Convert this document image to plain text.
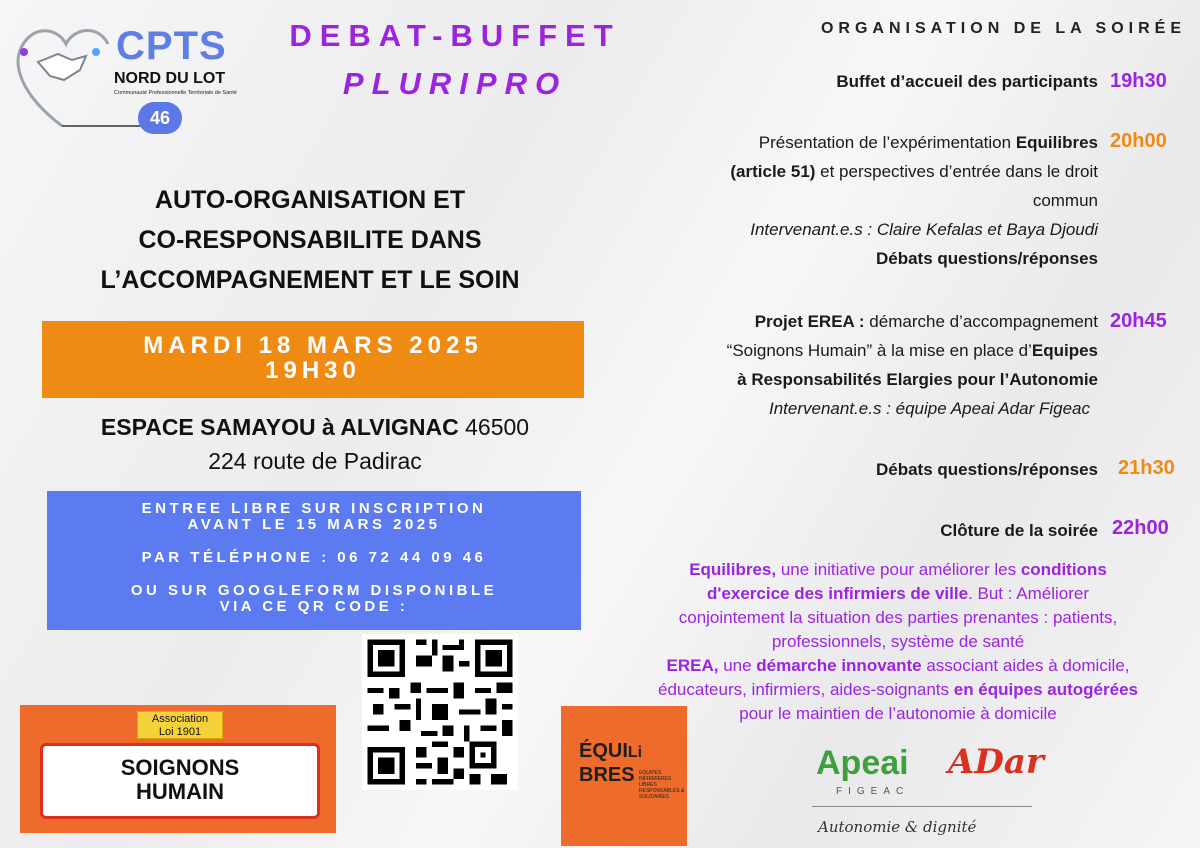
CPTS
NORD DU LOT
Communauté Professionnelle Territoriale de Santé
46
DEBAT-BUFFET
PLURIPRO
AUTO-ORGANISATION ET
CO-RESPONSABILITE DANS
L’ACCOMPAGNEMENT ET LE SOIN
MARDI 18 MARS 2025
19H30
ESPACE SAMAYOU à ALVIGNAC 46500
224 route de Padirac
ENTREE LIBRE SUR INSCRIPTION
AVANT LE 15 MARS 2025
PAR TÉLÉPHONE : 06 72 44 09 46
OU SUR GOOGLEFORM DISPONIBLE
VIA CE QR CODE :
Association
Loi 1901
SOIGNONS
HUMAIN
ÉQUILi
BRES EQUIPES INFIRMIERES LIBRES RESPONSABLES & SOLIDAIRES
Apeai
FIGEAC
ADar
Autonomie & dignité
ORGANISATION DE LA SOIRÉE
Buffet d’accueil des participants 19h30
Présentation de l’expérimentation Equilibres
(article 51) et perspectives d’entrée dans le droit
commun
Intervenant.e.s : Claire Kefalas et Baya Djoudi
Débats questions/réponses
20h00
Projet EREA : démarche d’accompagnement
“Soignons Humain” à la mise en place d’Equipes
à Responsabilités Elargies pour l’Autonomie
Intervenant.e.s : équipe Apeai Adar Figeac
20h45
Débats questions/réponses 21h30
Clôture de la soirée 22h00
Equilibres, une initiative pour améliorer les conditions
d'exercice des infirmiers de ville. But : Améliorer
conjointement la situation des parties prenantes : patients,
professionnels, système de santé
EREA, une démarche innovante associant aides à domicile,
éducateurs, infirmiers, aides-soignants en équipes autogérées
pour le maintien de l’autonomie à domicile
